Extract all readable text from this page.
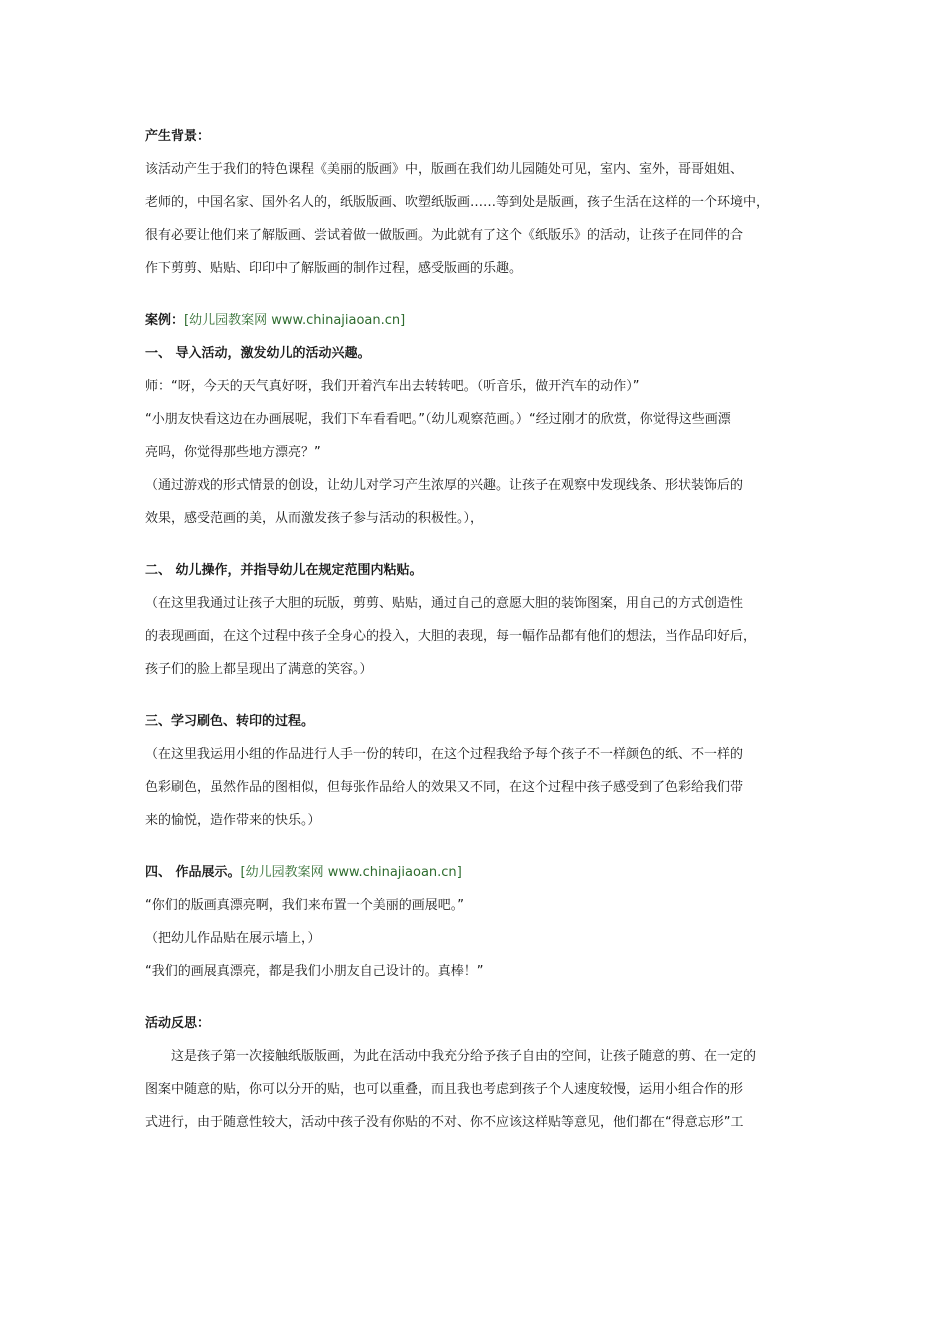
产生背景：
该活动产生于我们的特色课程《美丽的版画》中，版画在我们幼儿园随处可见，室内、室外，哥哥姐姐、
老师的，中国名家、国外名人的，纸版版画、吹塑纸版画……等到处是版画，孩子生活在这样的一个环境中，
很有必要让他们来了解版画、尝试着做一做版画。为此就有了这个《纸版乐》的活动，让孩子在同伴的合
作下剪剪、贴贴、印印中了解版画的制作过程，感受版画的乐趣。
案例：[幼儿园教案网 www.chinajiaoan.cn]
一、 导入活动，激发幼儿的活动兴趣。
师：“呀，今天的天气真好呀，我们开着汽车出去转转吧。（听音乐，做开汽车的动作）”
“小朋友快看这边在办画展呢，我们下车看看吧。”（幼儿观察范画。）“经过刚才的欣赏，你觉得这些画漂
亮吗，你觉得那些地方漂亮？”
（通过游戏的形式情景的创设，让幼儿对学习产生浓厚的兴趣。让孩子在观察中发现线条、形状装饰后的
效果，感受范画的美，从而激发孩子参与活动的积极性。），
二、 幼儿操作，并指导幼儿在规定范围内粘贴。
（在这里我通过让孩子大胆的玩版，剪剪、贴贴，通过自己的意愿大胆的装饰图案，用自己的方式创造性
的表现画面，在这个过程中孩子全身心的投入，大胆的表现，每一幅作品都有他们的想法，当作品印好后，
孩子们的脸上都呈现出了满意的笑容。）
三、学习刷色、转印的过程。
（在这里我运用小组的作品进行人手一份的转印，在这个过程我给予每个孩子不一样颜色的纸、不一样的
色彩刷色，虽然作品的图相似，但每张作品给人的效果又不同，在这个过程中孩子感受到了色彩给我们带
来的愉悦，造作带来的快乐。）
四、 作品展示。[幼儿园教案网 www.chinajiaoan.cn]
“你们的版画真漂亮啊，我们来布置一个美丽的画展吧。”
（把幼儿作品贴在展示墙上，）
“我们的画展真漂亮，都是我们小朋友自己设计的。真棒！”
活动反思：
这是孩子第一次接触纸版版画，为此在活动中我充分给予孩子自由的空间，让孩子随意的剪、在一定的
图案中随意的贴，你可以分开的贴，也可以重叠，而且我也考虑到孩子个人速度较慢，运用小组合作的形
式进行，由于随意性较大，活动中孩子没有你贴的不对、你不应该这样贴等意见，他们都在“得意忘形”工
